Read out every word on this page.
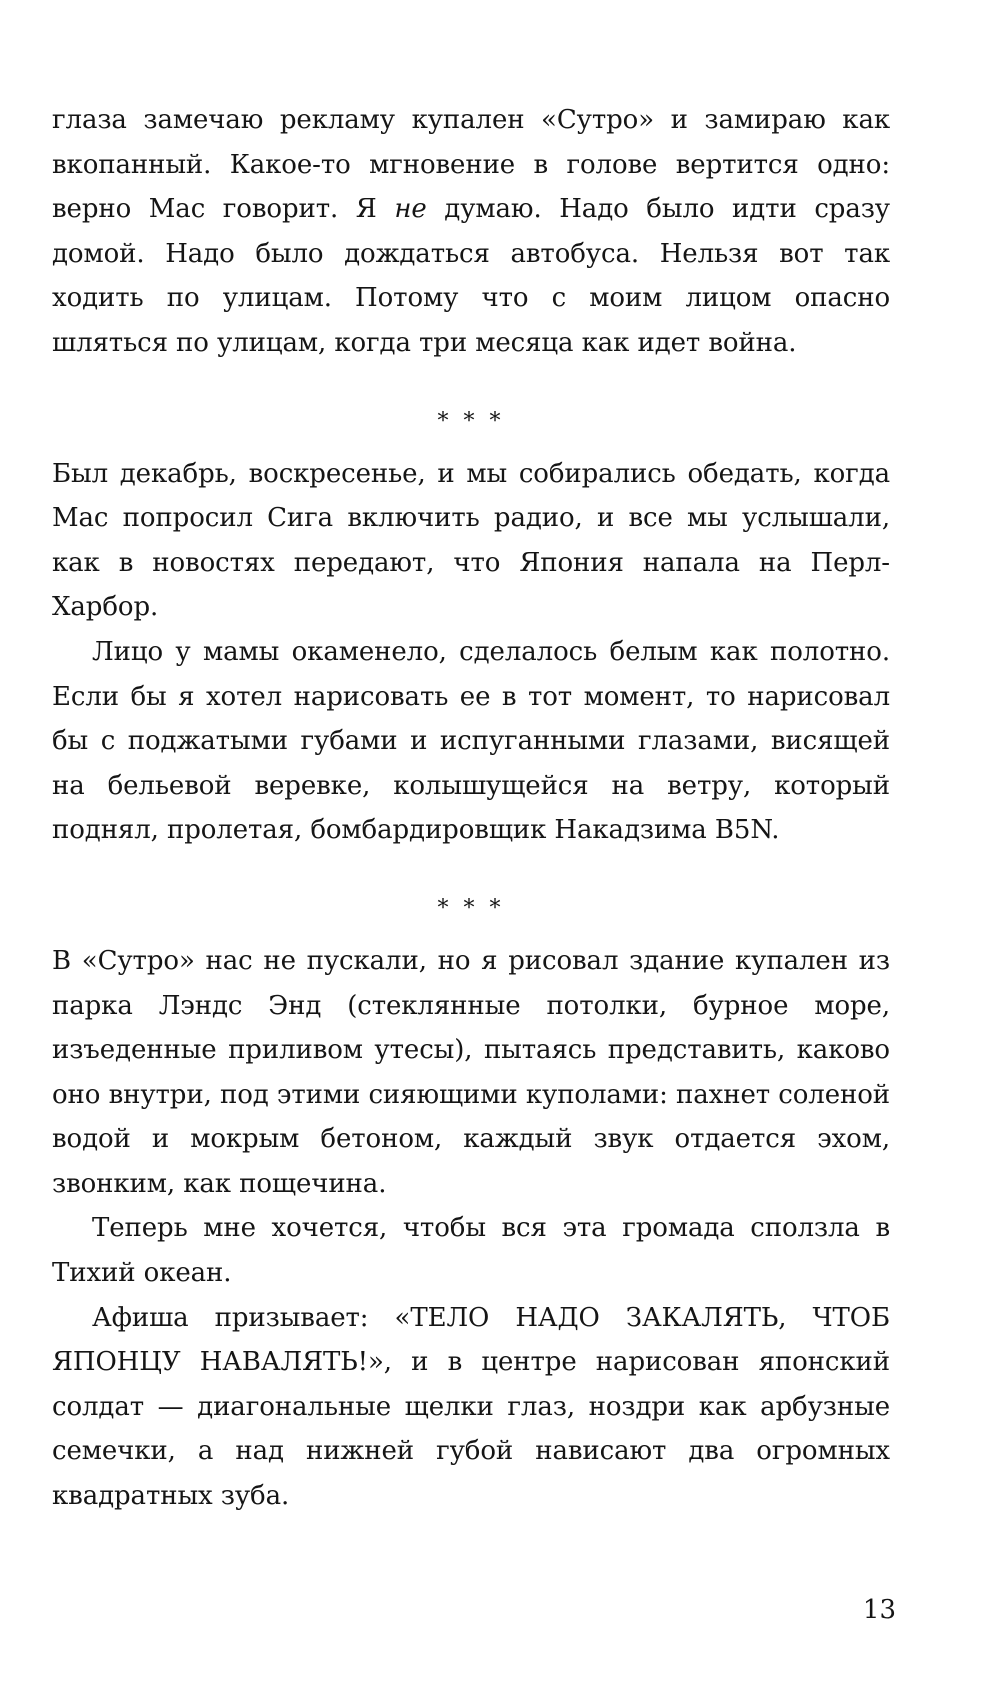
глаза замечаю рекламу купален «Сутро» и замираю как вкопанный. Какое-то мгновение в голове вертится одно: верно Мас говорит. Я не думаю. Надо было идти сразу домой. Надо было дождаться автобуса. Нельзя вот так ходить по улицам. Потому что с моим лицом опасно шляться по улицам, когда три месяца как идет война.

* * *

Был декабрь, воскресенье, и мы собирались обедать, когда Мас попросил Сига включить радио, и все мы услышали, как в новостях передают, что Япония напала на Перл-Харбор.

Лицо у мамы окаменело, сделалось белым как полотно. Если бы я хотел нарисовать ее в тот момент, то нарисовал бы с поджатыми губами и испуганными глазами, висящей на бельевой веревке, колышущейся на ветру, который поднял, пролетая, бомбардировщик Накадзима B5N.

* * *

В «Сутро» нас не пускали, но я рисовал здание купален из парка Лэндс Энд (стеклянные потолки, бурное море, изъеденные приливом утесы), пытаясь представить, каково оно внутри, под этими сияющими куполами: пахнет соленой водой и мокрым бетоном, каждый звук отдается эхом, звонким, как пощечина.

Теперь мне хочется, чтобы вся эта громада сползла в Тихий океан.

Афиша призывает: «ТЕЛО НАДО ЗАКАЛЯТЬ, ЧТОБ ЯПОНЦУ НАВАЛЯТЬ!», и в центре нарисован японский солдат — диагональные щелки глаз, ноздри как арбузные семечки, а над нижней губой нависают два огромных квадратных зуба.

13
